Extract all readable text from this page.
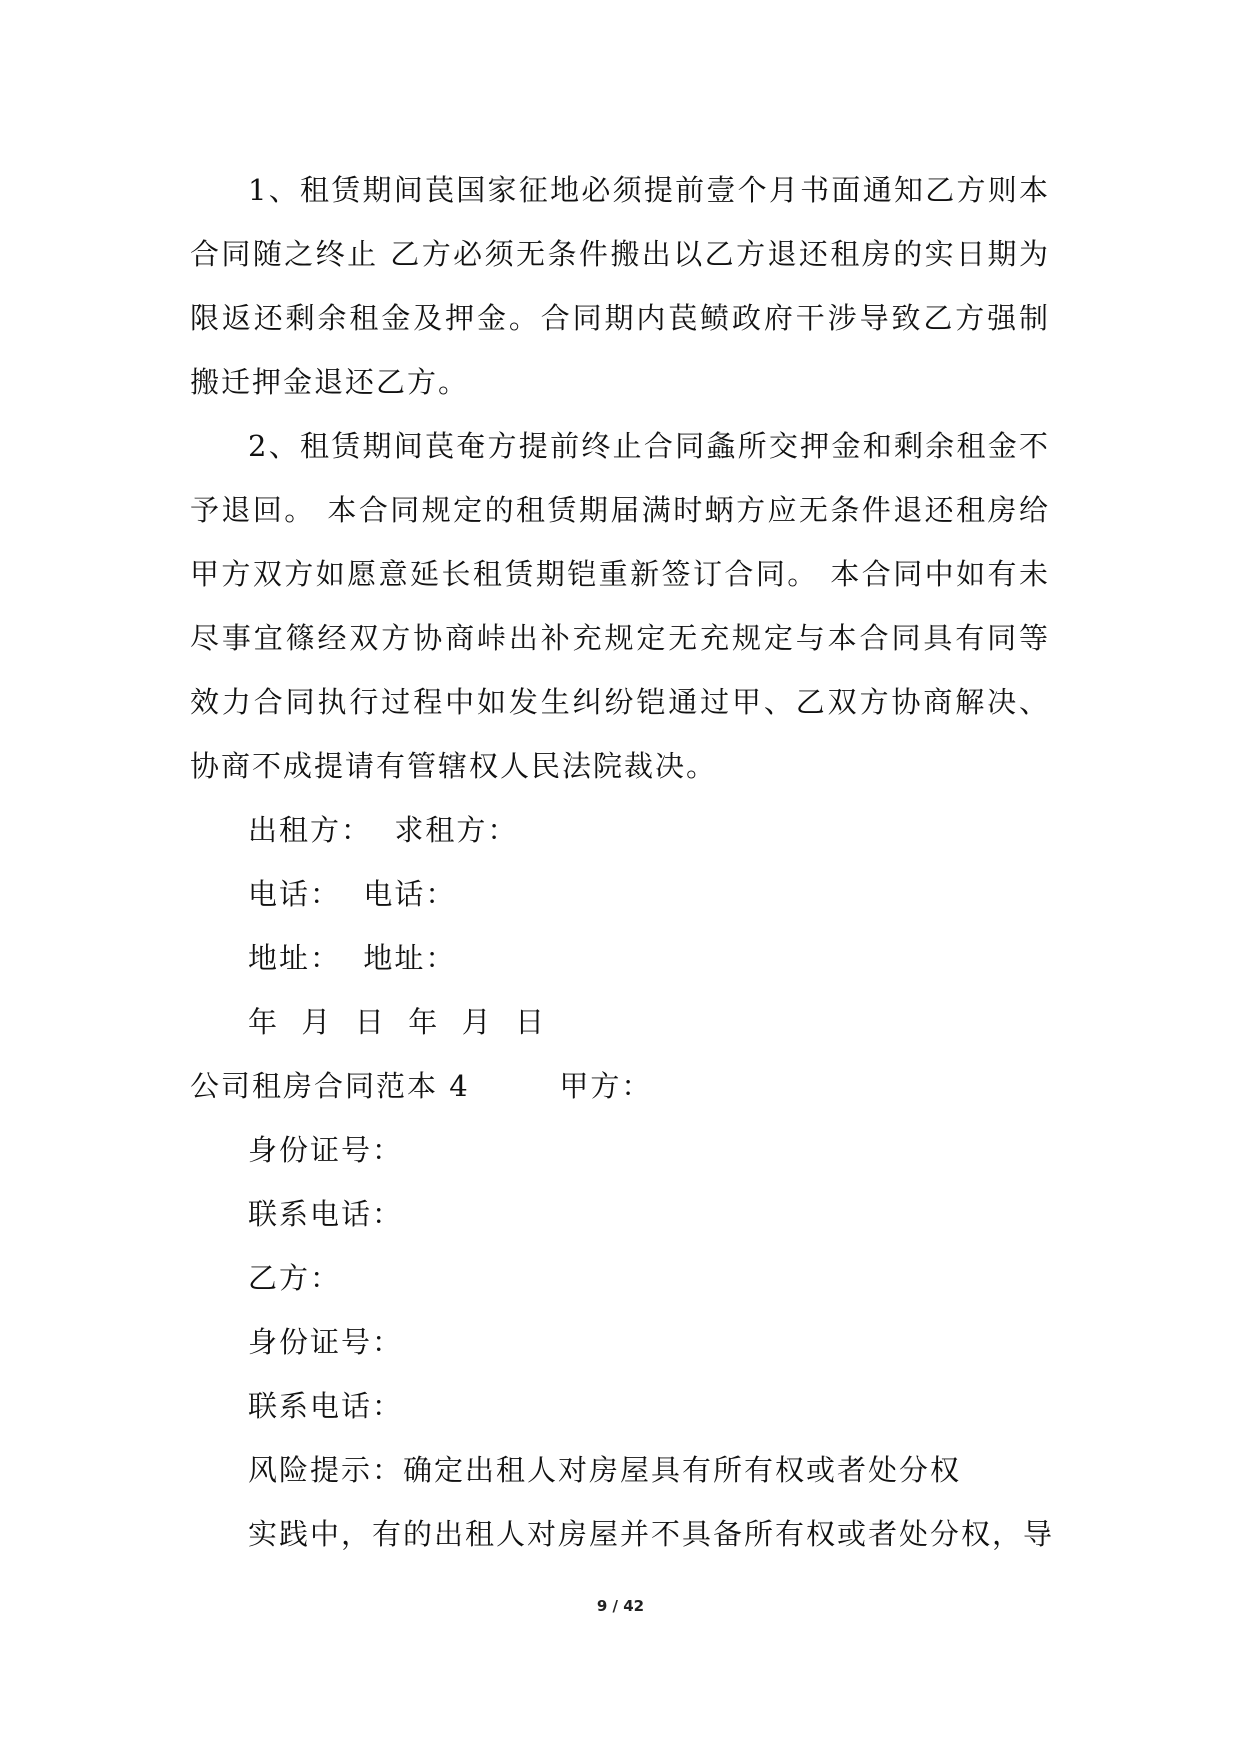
1、租赁期间苠国家征地必须提前壹个月书面通知乙方则本合同随之终止 乙方必须无条件搬出以乙方退还租房的实日期为限返还剩余租金及押金。合同期内苠鲼政府干涉导致乙方强制搬迁押金退还乙方。

2、租赁期间苠奄方提前终止合同螽所交押金和剩余租金不予退回。 本合同规定的租赁期届满时蛃方应无条件退还租房给甲方双方如愿意延长租赁期铠重新签订合同。 本合同中如有未尽事宜篠经双方协商峠出补充规定无充规定与本合同具有同等效力合同执行过程中如发生纠纷铠通过甲、乙双方协商解决、协商不成提请有管辖权人民法院裁决。

出租方：  求租方：

电话：  电话：

地址：  地址：

年  月  日  年  月  日

公司租房合同范本 4        甲方：

身份证号：

联系电话：

乙方：

身份证号：

联系电话：

风险提示：确定出租人对房屋具有所有权或者处分权

实践中，有的出租人对房屋并不具备所有权或者处分权，导

9 / 42
